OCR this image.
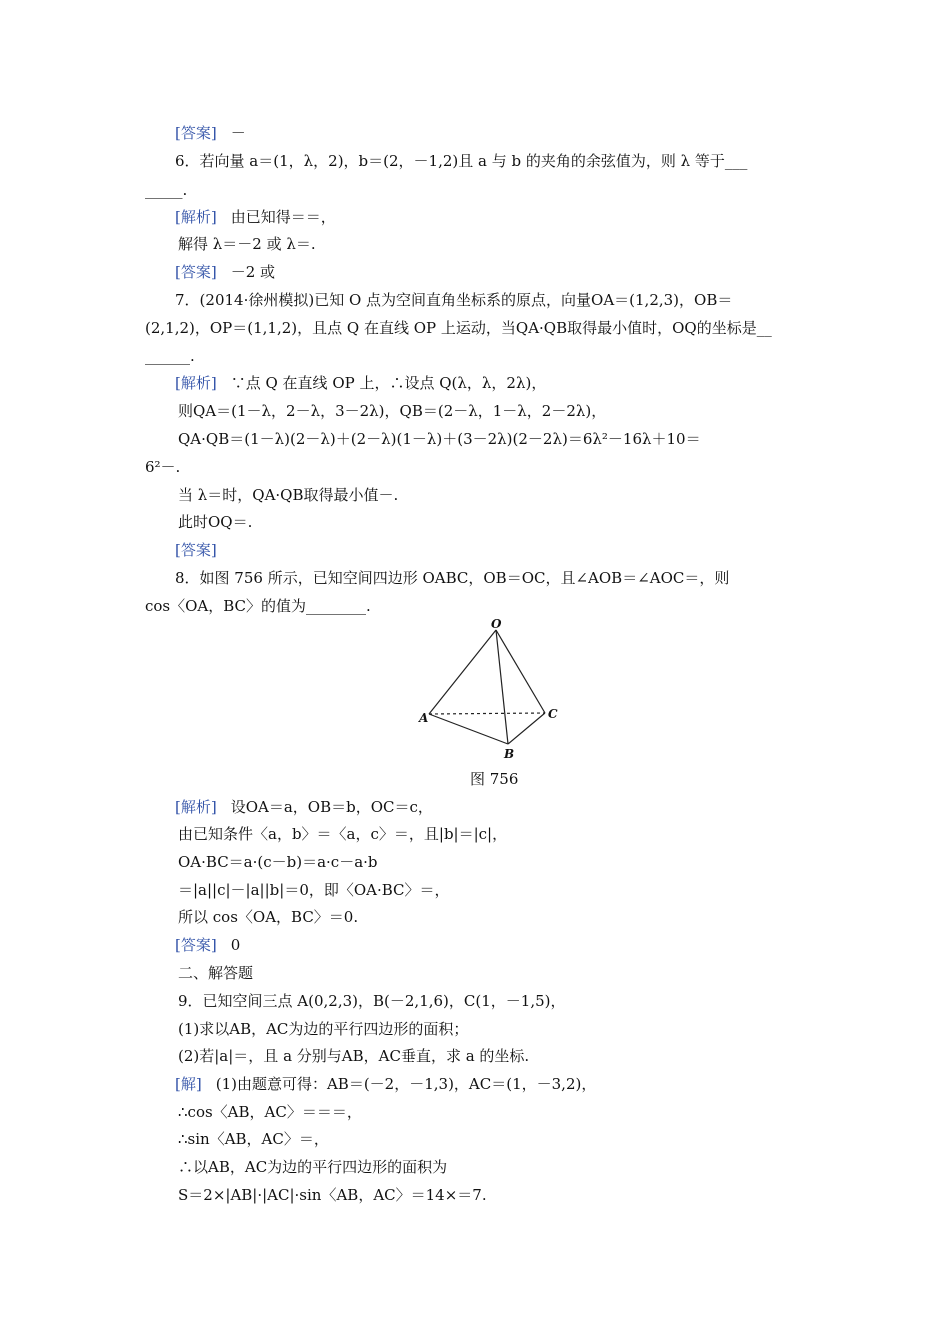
[答案] －
6．若向量 a＝(1，λ，2)，b＝(2，－1,2)且 a 与 b 的夹角的余弦值为，则 λ 等于___
_____.
[解析] 由已知得＝＝，
解得 λ＝－2 或 λ＝.
[答案] －2 或
7．(2014·徐州模拟)已知 O 点为空间直角坐标系的原点，向量OA＝(1,2,3)，OB＝
(2,1,2)，OP＝(1,1,2)，且点 Q 在直线 OP 上运动，当QA·QB取得最小值时，OQ的坐标是__
______.
[解析] ∵点 Q 在直线 OP 上，∴设点 Q(λ，λ，2λ)，
则QA＝(1－λ，2－λ，3－2λ)，QB＝(2－λ，1－λ，2－2λ)，
QA·QB＝(1－λ)(2－λ)＋(2－λ)(1－λ)＋(3－2λ)(2－2λ)＝6λ²－16λ＋10＝
6²－.
当 λ＝时，QA·QB取得最小值－.
此时OQ＝.
[答案]
8．如图 756 所示，已知空间四边形 OABC，OB＝OC，且∠AOB＝∠AOC＝，则
cos〈OA，BC〉的值为________.
O
A
B
C
图 756
[解析] 设OA＝a，OB＝b，OC＝c，
由已知条件〈a，b〉＝〈a，c〉＝，且|b|＝|c|，
OA·BC＝a·(c－b)＝a·c－a·b
＝|a||c|－|a||b|＝0，即〈OA·BC〉＝，
所以 cos〈OA，BC〉＝0.
[答案] 0
二、解答题
9．已知空间三点 A(0,2,3)，B(－2,1,6)，C(1，－1,5)，
(1)求以AB，AC为边的平行四边形的面积；
(2)若|a|＝，且 a 分别与AB，AC垂直，求 a 的坐标.
[解] (1)由题意可得：AB＝(－2，－1,3)，AC＝(1，－3,2)，
∴cos〈AB，AC〉＝＝＝，
∴sin〈AB，AC〉＝，
∴以AB，AC为边的平行四边形的面积为
S＝2×|AB|·|AC|·sin〈AB，AC〉＝14×＝7.
